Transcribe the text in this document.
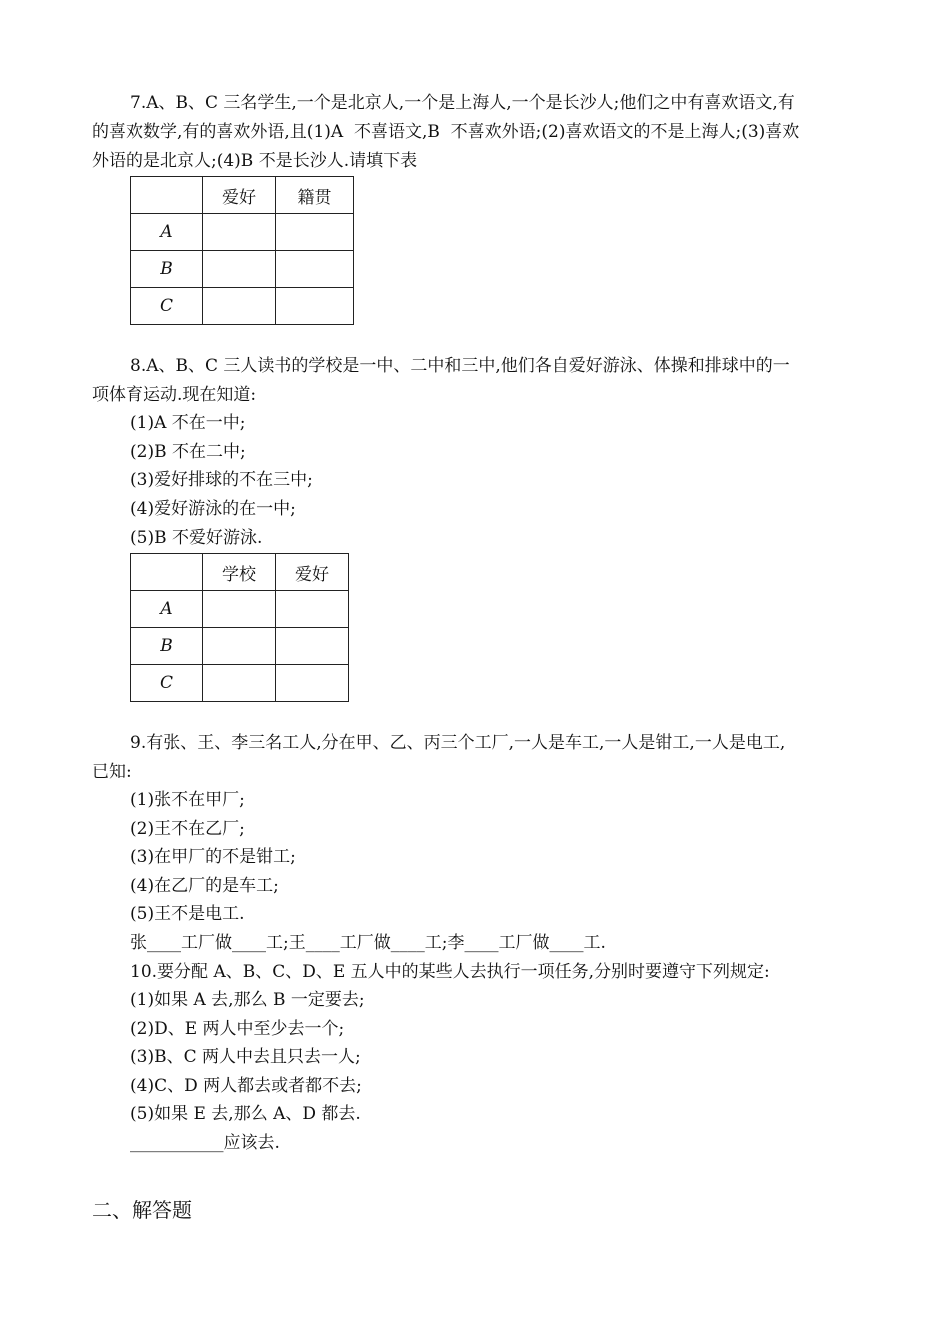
7.A、B、C 三名学生,一个是北京人,一个是上海人,一个是长沙人;他们之中有喜欢语文,有
的喜欢数学,有的喜欢外语,且(1)A  不喜语文,B  不喜欢外语;(2)喜欢语文的不是上海人;(3)喜欢
外语的是北京人;(4)B 不是长沙人.请填下表
	爱好	籍贯
A		
B		
C		
8.A、B、C 三人读书的学校是一中、二中和三中,他们各自爱好游泳、体操和排球中的一
项体育运动.现在知道:
(1)A 不在一中;
(2)B 不在二中;
(3)爱好排球的不在三中;
(4)爱好游泳的在一中;
(5)B 不爱好游泳.
	学校	爱好
A		
B		
C		
9.有张、王、李三名工人,分在甲、乙、丙三个工厂,一人是车工,一人是钳工,一人是电工,
已知:
(1)张不在甲厂;
(2)王不在乙厂;
(3)在甲厂的不是钳工;
(4)在乙厂的是车工;
(5)王不是电工.
张____工厂做____工;王____工厂做____工;李____工厂做____工.
10.要分配 A、B、C、D、E 五人中的某些人去执行一项任务,分别时要遵守下列规定:
(1)如果 A 去,那么 B 一定要去;
(2)D、E 两人中至少去一个;
(3)B、C 两人中去且只去一人;
(4)C、D 两人都去或者都不去;
(5)如果 E 去,那么 A、D 都去.
___________应该去.
二、解答题
